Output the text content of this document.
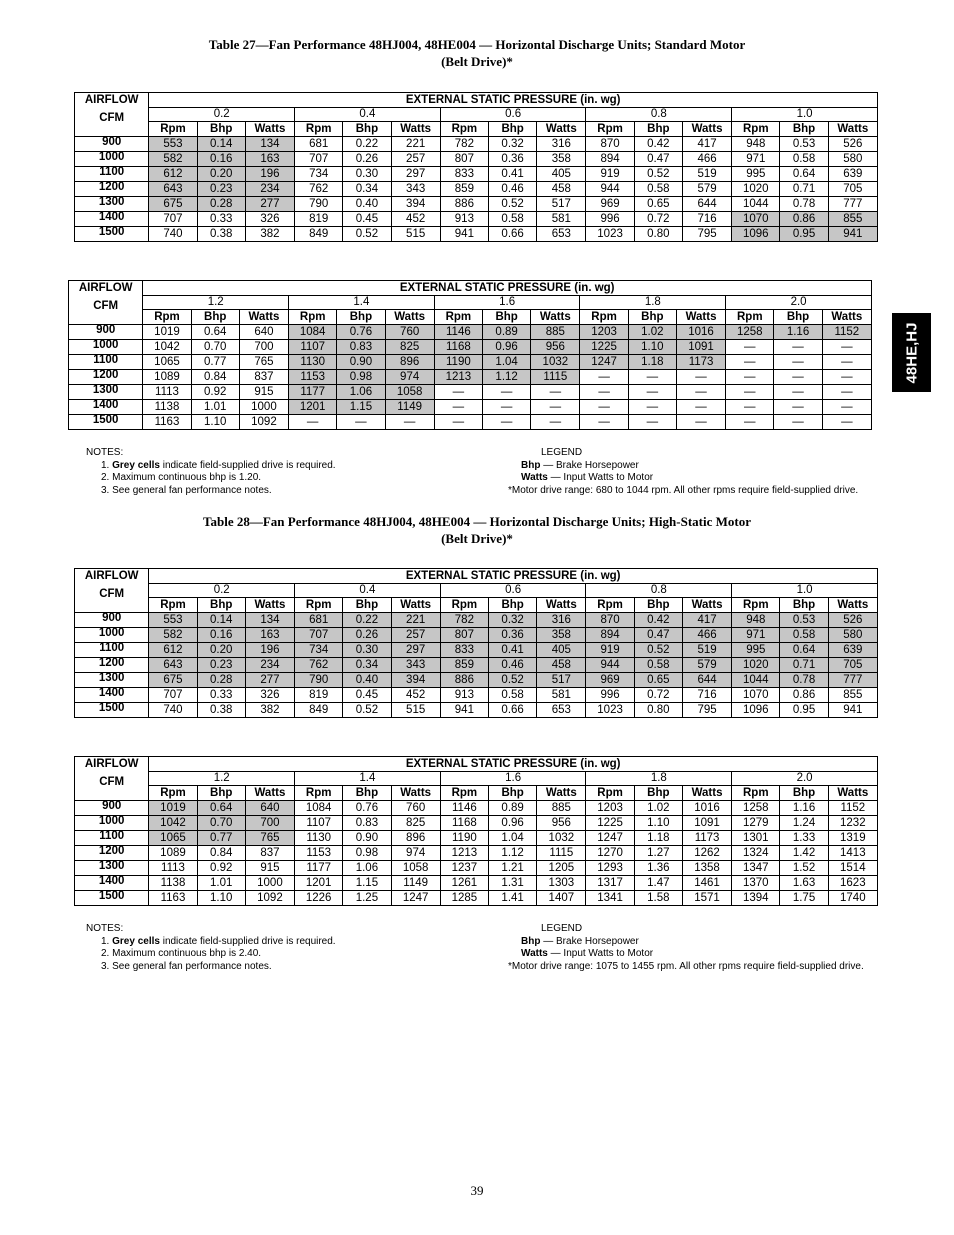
Table 27—Fan Performance 48HJ004, 48HE004 — Horizontal Discharge Units; Standard Motor
(Belt Drive)*
AIRFLOW	EXTERNAL STATIC PRESSURE (in. wg)														
CFM	0.2			0.4			0.6			0.8			1.0		
	Rpm	Bhp	Watts	Rpm	Bhp	Watts	Rpm	Bhp	Watts	Rpm	Bhp	Watts	Rpm	Bhp	Watts
900	553	0.14	134	681	0.22	221	782	0.32	316	870	0.42	417	948	0.53	526
1000	582	0.16	163	707	0.26	257	807	0.36	358	894	0.47	466	971	0.58	580
1100	612	0.20	196	734	0.30	297	833	0.41	405	919	0.52	519	995	0.64	639
1200	643	0.23	234	762	0.34	343	859	0.46	458	944	0.58	579	1020	0.71	705
1300	675	0.28	277	790	0.40	394	886	0.52	517	969	0.65	644	1044	0.78	777
1400	707	0.33	326	819	0.45	452	913	0.58	581	996	0.72	716	1070	0.86	855
1500	740	0.38	382	849	0.52	515	941	0.66	653	1023	0.80	795	1096	0.95	941
AIRFLOW	EXTERNAL STATIC PRESSURE (in. wg)														
CFM	1.2			1.4			1.6			1.8			2.0		
	Rpm	Bhp	Watts	Rpm	Bhp	Watts	Rpm	Bhp	Watts	Rpm	Bhp	Watts	Rpm	Bhp	Watts
900	1019	0.64	640	1084	0.76	760	1146	0.89	885	1203	1.02	1016	1258	1.16	1152
1000	1042	0.70	700	1107	0.83	825	1168	0.96	956	1225	1.10	1091	—	—	—
1100	1065	0.77	765	1130	0.90	896	1190	1.04	1032	1247	1.18	1173	—	—	—
1200	1089	0.84	837	1153	0.98	974	1213	1.12	1115	—	—	—	—	—	—
1300	1113	0.92	915	1177	1.06	1058	—	—	—	—	—	—	—	—	—
1400	1138	1.01	1000	1201	1.15	1149	—	—	—	—	—	—	—	—	—
1500	1163	1.10	1092	—	—	—	—	—	—	—	—	—	—	—	—
NOTES:
1. Grey cells indicate field-supplied drive is required.
2. Maximum continuous bhp is 1.20.
3. See general fan performance notes.
LEGEND
Bhp — Brake Horsepower
Watts — Input Watts to Motor
*Motor drive range: 680 to 1044 rpm. All other rpms require field-supplied drive.
Table 28—Fan Performance 48HJ004, 48HE004 — Horizontal Discharge Units; High-Static Motor
(Belt Drive)*
AIRFLOW	EXTERNAL STATIC PRESSURE (in. wg)														
CFM	0.2			0.4			0.6			0.8			1.0		
	Rpm	Bhp	Watts	Rpm	Bhp	Watts	Rpm	Bhp	Watts	Rpm	Bhp	Watts	Rpm	Bhp	Watts
900	553	0.14	134	681	0.22	221	782	0.32	316	870	0.42	417	948	0.53	526
1000	582	0.16	163	707	0.26	257	807	0.36	358	894	0.47	466	971	0.58	580
1100	612	0.20	196	734	0.30	297	833	0.41	405	919	0.52	519	995	0.64	639
1200	643	0.23	234	762	0.34	343	859	0.46	458	944	0.58	579	1020	0.71	705
1300	675	0.28	277	790	0.40	394	886	0.52	517	969	0.65	644	1044	0.78	777
1400	707	0.33	326	819	0.45	452	913	0.58	581	996	0.72	716	1070	0.86	855
1500	740	0.38	382	849	0.52	515	941	0.66	653	1023	0.80	795	1096	0.95	941
AIRFLOW	EXTERNAL STATIC PRESSURE (in. wg)														
CFM	1.2			1.4			1.6			1.8			2.0		
	Rpm	Bhp	Watts	Rpm	Bhp	Watts	Rpm	Bhp	Watts	Rpm	Bhp	Watts	Rpm	Bhp	Watts
900	1019	0.64	640	1084	0.76	760	1146	0.89	885	1203	1.02	1016	1258	1.16	1152
1000	1042	0.70	700	1107	0.83	825	1168	0.96	956	1225	1.10	1091	1279	1.24	1232
1100	1065	0.77	765	1130	0.90	896	1190	1.04	1032	1247	1.18	1173	1301	1.33	1319
1200	1089	0.84	837	1153	0.98	974	1213	1.12	1115	1270	1.27	1262	1324	1.42	1413
1300	1113	0.92	915	1177	1.06	1058	1237	1.21	1205	1293	1.36	1358	1347	1.52	1514
1400	1138	1.01	1000	1201	1.15	1149	1261	1.31	1303	1317	1.47	1461	1370	1.63	1623
1500	1163	1.10	1092	1226	1.25	1247	1285	1.41	1407	1341	1.58	1571	1394	1.75	1740
NOTES:
1. Grey cells indicate field-supplied drive is required.
2. Maximum continuous bhp is 2.40.
3. See general fan performance notes.
LEGEND
Bhp — Brake Horsepower
Watts — Input Watts to Motor
*Motor drive range: 1075 to 1455 rpm. All other rpms require field-supplied drive.
48HE,HJ
39
